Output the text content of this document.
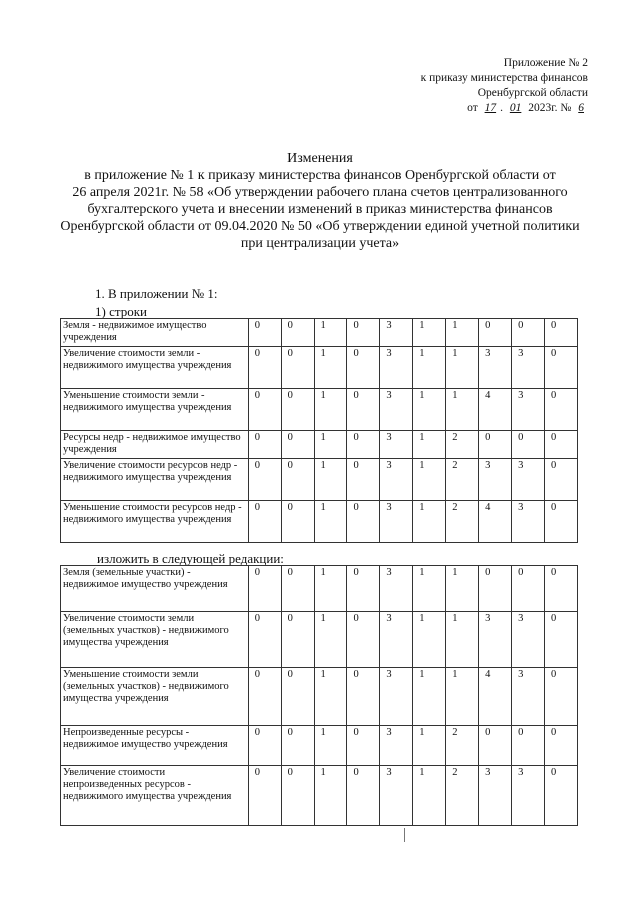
Приложение № 2
к приказу министерства финансов
Оренбургской области
от 17 . 01 2023г. № 6
Изменения
в приложение № 1 к приказу министерства финансов Оренбургской области от
26 апреля 2021г. № 58 «Об утверждении рабочего плана счетов централизованного
бухгалтерского учета и внесении изменений в приказ министерства финансов
Оренбургской области от 09.04.2020 № 50 «Об утверждении единой учетной политики
при централизации учета»
1. В приложении № 1:
1) строки
Земля - недвижимое имущество учреждения	0	0	1	0	3	1	1	0	0	0
Увеличение стоимости земли - недвижимого имущества учреждения	0	0	1	0	3	1	1	3	3	0
Уменьшение стоимости земли - недвижимого имущества учреждения	0	0	1	0	3	1	1	4	3	0
Ресурсы недр - недвижимое имущество учреждения	0	0	1	0	3	1	2	0	0	0
Увеличение стоимости ресурсов недр - недвижимого имущества учреждения	0	0	1	0	3	1	2	3	3	0
Уменьшение стоимости ресурсов недр - недвижимого имущества учреждения	0	0	1	0	3	1	2	4	3	0
изложить в следующей редакции:
Земля (земельные участки) - недвижимое имущество учреждения	0	0	1	0	3	1	1	0	0	0
Увеличение стоимости земли (земельных участков) - недвижимого имущества учреждения	0	0	1	0	3	1	1	3	3	0
Уменьшение стоимости земли (земельных участков) - недвижимого имущества учреждения	0	0	1	0	3	1	1	4	3	0
Непроизведенные ресурсы - недвижимое имущество учреждения	0	0	1	0	3	1	2	0	0	0
Увеличение стоимости непроизведенных ресурсов - недвижимого имущества учреждения	0	0	1	0	3	1	2	3	3	0
